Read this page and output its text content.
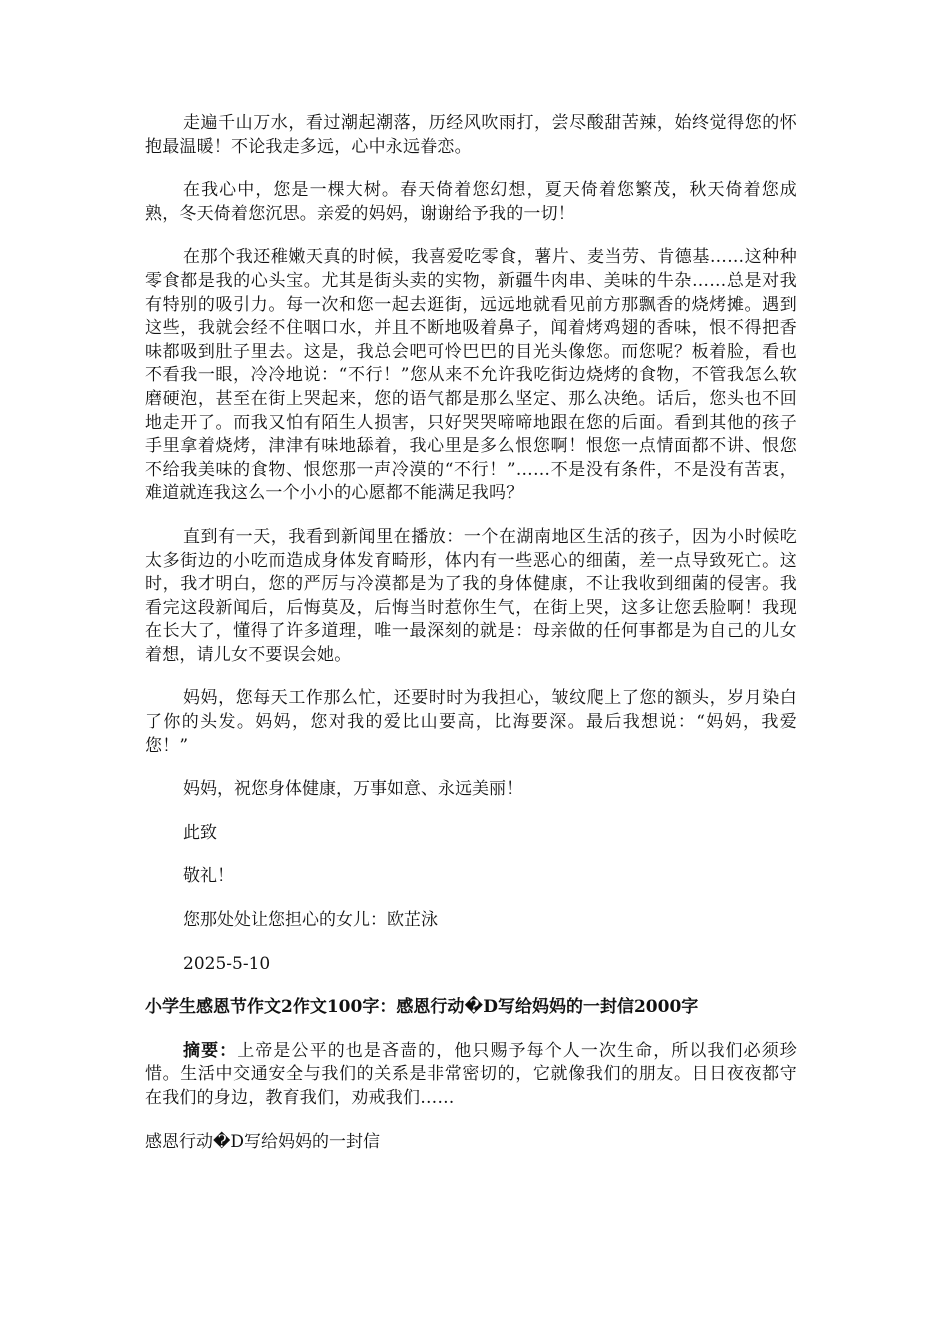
走遍千山万水，看过潮起潮落，历经风吹雨打，尝尽酸甜苦辣，始终觉得您的怀抱最温暖！不论我走多远，心中永远眷恋。

在我心中，您是一棵大树。春天倚着您幻想，夏天倚着您繁茂，秋天倚着您成熟，冬天倚着您沉思。亲爱的妈妈，谢谢给予我的一切！

在那个我还稚嫩天真的时候，我喜爱吃零食，薯片、麦当劳、肯德基……这种种零食都是我的心头宝。尤其是街头卖的实物，新疆牛肉串、美味的牛杂……总是对我有特别的吸引力。每一次和您一起去逛街，远远地就看见前方那飘香的烧烤摊。遇到这些，我就会经不住咽口水，并且不断地吸着鼻子，闻着烤鸡翅的香味，恨不得把香味都吸到肚子里去。这是，我总会吧可怜巴巴的目光头像您。而您呢？板着脸，看也不看我一眼，冷冷地说：“不行！”您从来不允许我吃街边烧烤的食物，不管我怎么软磨硬泡，甚至在街上哭起来，您的语气都是那么坚定、那么决绝。话后，您头也不回地走开了。而我又怕有陌生人损害，只好哭哭啼啼地跟在您的后面。看到其他的孩子手里拿着烧烤，津津有味地舔着，我心里是多么恨您啊！恨您一点情面都不讲、恨您不给我美味的食物、恨您那一声冷漠的“不行！”……不是没有条件，不是没有苦衷，难道就连我这么一个小小的心愿都不能满足我吗？

直到有一天，我看到新闻里在播放：一个在湖南地区生活的孩子，因为小时候吃太多街边的小吃而造成身体发育畸形，体内有一些恶心的细菌，差一点导致死亡。这时，我才明白，您的严厉与冷漠都是为了我的身体健康，不让我收到细菌的侵害。我看完这段新闻后，后悔莫及，后悔当时惹你生气，在街上哭，这多让您丢脸啊！我现在长大了，懂得了许多道理，唯一最深刻的就是：母亲做的任何事都是为自己的儿女着想，请儿女不要误会她。

妈妈，您每天工作那么忙，还要时时为我担心，皱纹爬上了您的额头，岁月染白了你的头发。妈妈，您对我的爱比山要高，比海要深。最后我想说：“妈妈，我爱您！”

妈妈，祝您身体健康，万事如意、永远美丽！

此致

敬礼！

您那处处让您担心的女儿：欧芷泳

2025-5-10

小学生感恩节作文2作文100字：感恩行动�D写给妈妈的一封信2000字

摘要：上帝是公平的也是吝啬的，他只赐予每个人一次生命，所以我们必须珍惜。生活中交通安全与我们的关系是非常密切的，它就像我们的朋友。日日夜夜都守在我们的身边，教育我们，劝戒我们……

感恩行动�D写给妈妈的一封信
